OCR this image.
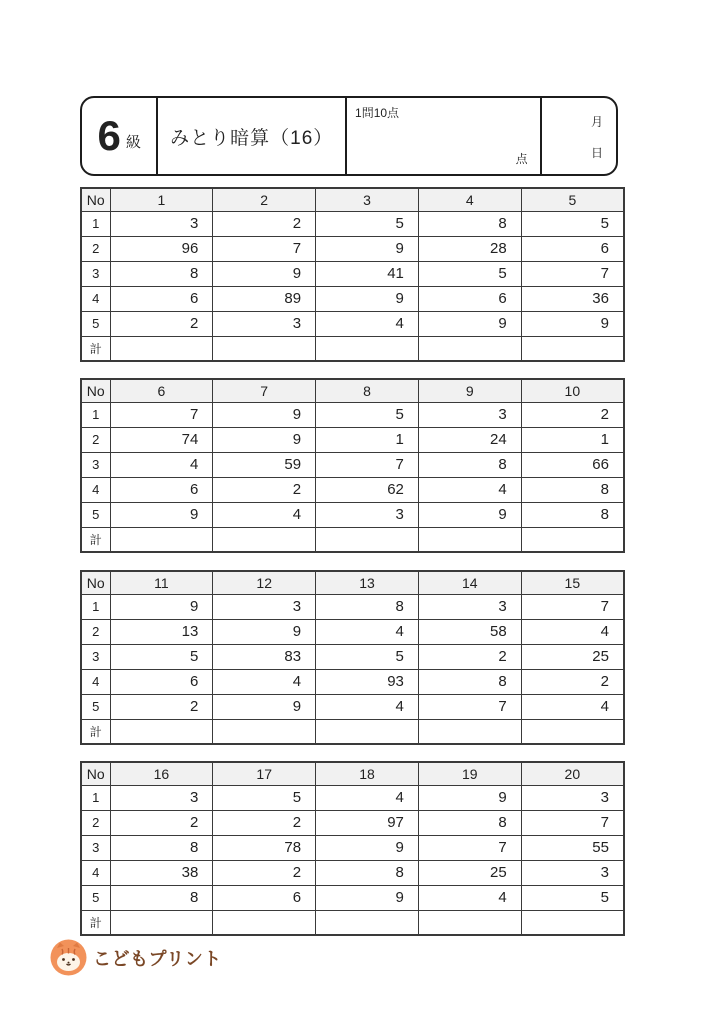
6 級	みとり暗算（16）
1問10点
点
月
日
No	1	2	3	4	5
1	3	2	5	8	5
2	96	7	9	28	6
3	8	9	41	5	7
4	6	89	9	6	36
5	2	3	4	9	9
計					
No	6	7	8	9	10
1	7	9	5	3	2
2	74	9	1	24	1
3	4	59	7	8	66
4	6	2	62	4	8
5	9	4	3	9	8
計					
No	11	12	13	14	15
1	9	3	8	3	7
2	13	9	4	58	4
3	5	83	5	2	25
4	6	4	93	8	2
5	2	9	4	7	4
計					
No	16	17	18	19	20
1	3	5	4	9	3
2	2	2	97	8	7
3	8	78	9	7	55
4	38	2	8	25	3
5	8	6	9	4	5
計					
こどもプリント
